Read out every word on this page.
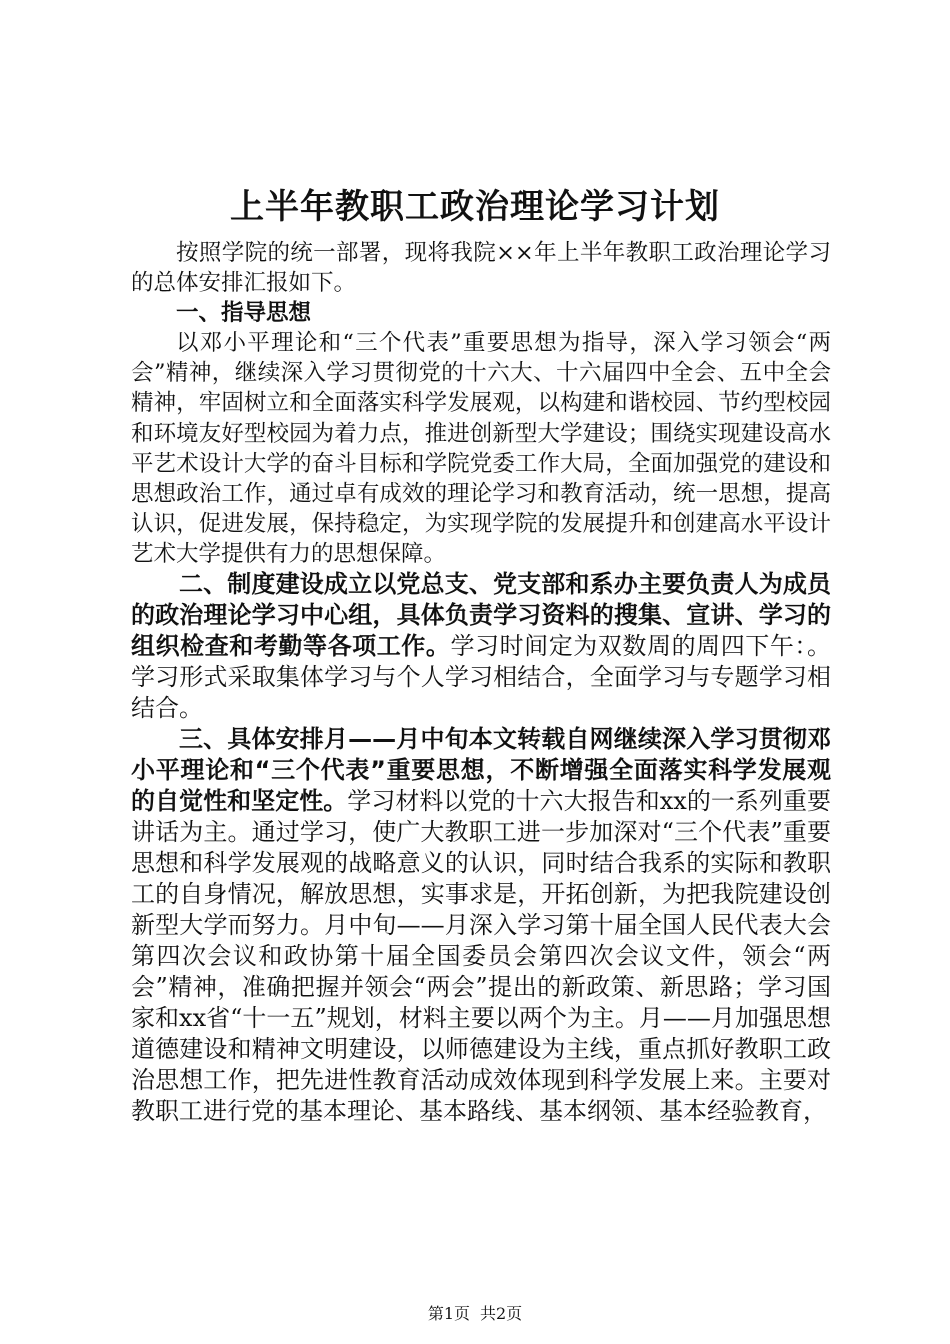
上半年教职工政治理论学习计划

按照学院的统一部署，现将我院××年上半年教职工政治理论学习的总体安排汇报如下。

一、指导思想

以邓小平理论和“三个代表”重要思想为指导，深入学习领会“两会”精神，继续深入学习贯彻党的十六大、十六届四中全会、五中全会精神，牢固树立和全面落实科学发展观，以构建和谐校园、节约型校园和环境友好型校园为着力点，推进创新型大学建设；围绕实现建设高水平艺术设计大学的奋斗目标和学院党委工作大局，全面加强党的建设和思想政治工作，通过卓有成效的理论学习和教育活动，统一思想，提高认识，促进发展，保持稳定，为实现学院的发展提升和创建高水平设计艺术大学提供有力的思想保障。

二、制度建设成立以党总支、党支部和系办主要负责人为成员的政治理论学习中心组，具体负责学习资料的搜集、宣讲、学习的组织检查和考勤等各项工作。学习时间定为双数周的周四下午：。学习形式采取集体学习与个人学习相结合，全面学习与专题学习相结合。

三、具体安排月——月中旬本文转载自网继续深入学习贯彻邓小平理论和“三个代表”重要思想，不断增强全面落实科学发展观的自觉性和坚定性。学习材料以党的十六大报告和xx的一系列重要讲话为主。通过学习，使广大教职工进一步加深对“三个代表”重要思想和科学发展观的战略意义的认识，同时结合我系的实际和教职工的自身情况，解放思想，实事求是，开拓创新，为把我院建设创新型大学而努力。月中旬——月深入学习第十届全国人民代表大会第四次会议和政协第十届全国委员会第四次会议文件，领会“两会”精神，准确把握并领会“两会”提出的新政策、新思路；学习国家和xx省“十一五”规划，材料主要以两个为主。月——月加强思想道德建设和精神文明建设，以师德建设为主线，重点抓好教职工政治思想工作，把先进性教育活动成效体现到科学发展上来。主要对教职工进行党的基本理论、基本路线、基本纲领、基本经验教育，

第1页 共2页
